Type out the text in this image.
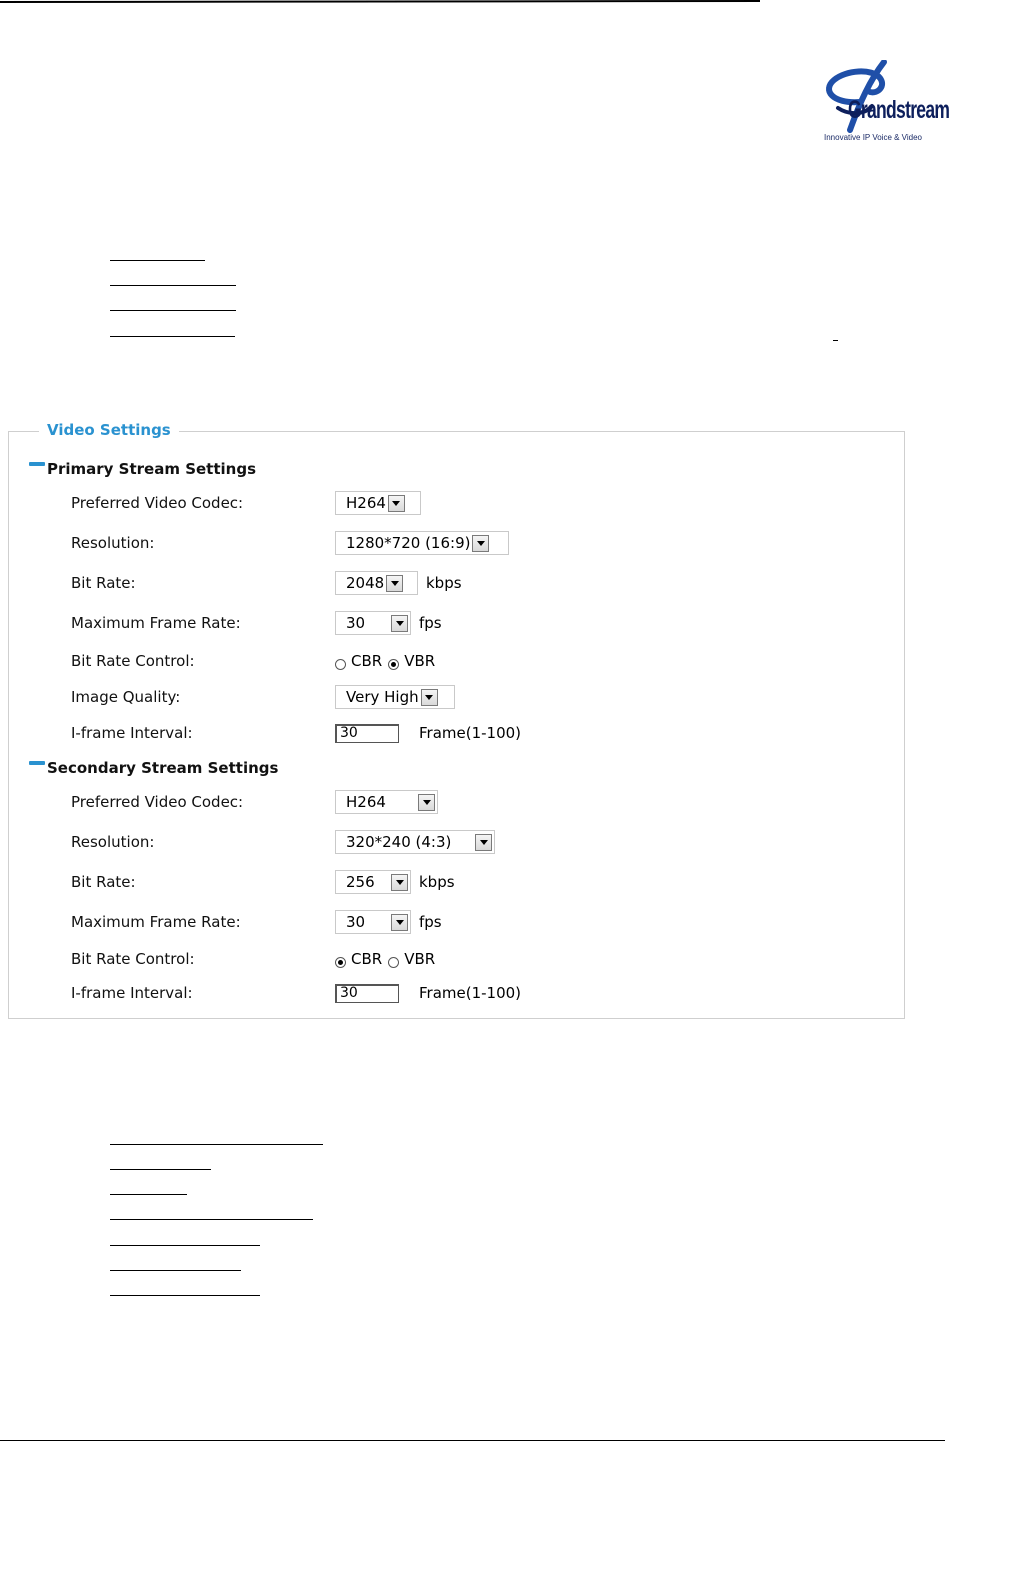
Grandstream
Innovative IP Voice & Video
Video Settings
Primary Stream Settings
Preferred Video Codec:	H264
Resolution:	1280*720 (16:9)
Bit Rate:	2048	kbps
Maximum Frame Rate:	30	fps
Bit Rate Control:	CBR VBR
Image Quality:	Very High
I-frame Interval:	30	Frame(1-100)
Secondary Stream Settings
Preferred Video Codec:	H264
Resolution:	320*240 (4:3)
Bit Rate:	256	kbps
Maximum Frame Rate:	30	fps
Bit Rate Control:	CBR VBR
I-frame Interval:	30	Frame(1-100)
